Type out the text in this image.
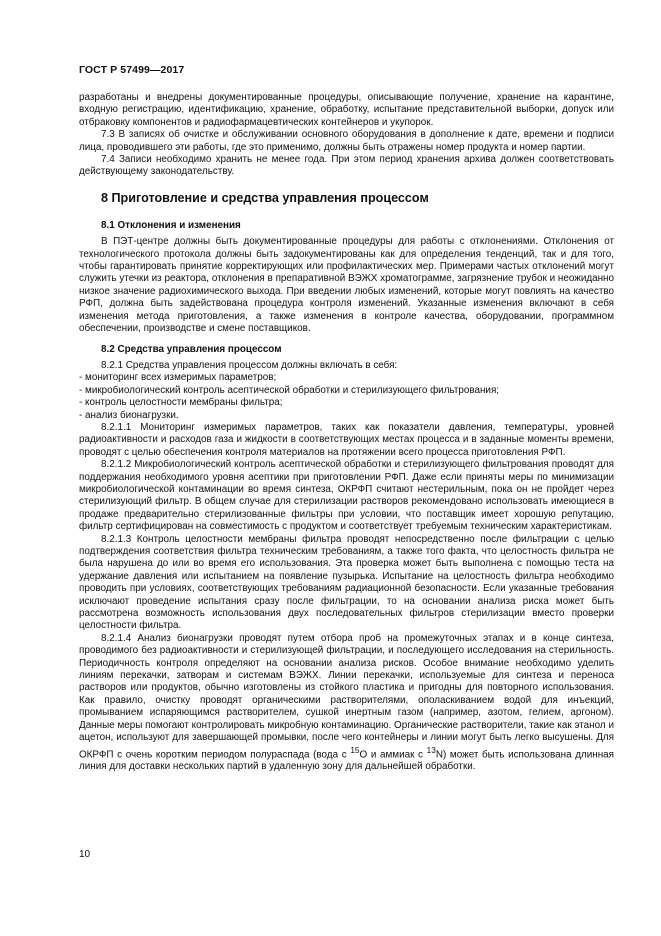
ГОСТ Р 57499—2017

разработаны и внедрены документированные процедуры, описывающие получение, хранение на карантине, входную регистрацию, идентификацию, хранение, обработку, испытание представительной выборки, допуск или отбраковку компонентов и радиофармацевтических контейнеров и укупорок.

7.3 В записях об очистке и обслуживании основного оборудования в дополнение к дате, времени и подписи лица, проводившего эти работы, где это применимо, должны быть отражены номер продукта и номер партии.

7.4 Записи необходимо хранить не менее года. При этом период хранения архива должен соответствовать действующему законодательству.

8 Приготовление и средства управления процессом

8.1 Отклонения и изменения

В ПЭТ-центре должны быть документированные процедуры для работы с отклонениями. Отклонения от технологического протокола должны быть задокументированы как для определения тенденций, так и для того, чтобы гарантировать принятие корректирующих или профилактических мер. Примерами частых отклонений могут служить утечки из реактора, отклонения в препаративной ВЭЖХ хроматограмме, загрязнение трубок и неожиданно низкое значение радиохимического выхода. При введении любых изменений, которые могут повлиять на качество РФП, должна быть задействована процедура контроля изменений. Указанные изменения включают в себя изменения метода приготовления, а также изменения в контроле качества, оборудовании, программном обеспечении, производстве и смене поставщиков.

8.2 Средства управления процессом

8.2.1 Средства управления процессом должны включать в себя:

- мониторинг всех измеримых параметров;
- микробиологический контроль асептической обработки и стерилизующего фильтрования;
- контроль целостности мембраны фильтра;
- анализ бионагрузки.

8.2.1.1 Мониторинг измеримых параметров, таких как показатели давления, температуры, уровней радиоактивности и расходов газа и жидкости в соответствующих местах процесса и в заданные моменты времени, проводят с целью обеспечения контроля материалов на протяжении всего процесса приготовления РФП.

8.2.1.2 Микробиологический контроль асептической обработки и стерилизующего фильтрования проводят для поддержания необходимого уровня асептики при приготовлении РФП. Даже если приняты меры по минимизации микробиологической контаминации во время синтеза, ОКРФП считают нестерильным, пока он не пройдет через стерилизующий фильтр. В общем случае для стерилизации растворов рекомендовано использовать имеющиеся в продаже предварительно стерилизованные фильтры при условии, что поставщик имеет хорошую репутацию, фильтр сертифицирован на совместимость с продуктом и соответствует требуемым техническим характеристикам.

8.2.1.3 Контроль целостности мембраны фильтра проводят непосредственно после фильтрации с целью подтверждения соответствия фильтра техническим требованиям, а также того факта, что целостность фильтра не была нарушена до или во время его использования. Эта проверка может быть выполнена с помощью теста на удержание давления или испытанием на появление пузырька. Испытание на целостность фильтра необходимо проводить при условиях, соответствующих требованиям радиационной безопасности. Если указанные требования исключают проведение испытания сразу после фильтрации, то на основании анализа риска может быть рассмотрена возможность использования двух последовательных фильтров стерилизации вместо проверки целостности фильтра.

8.2.1.4 Анализ бионагрузки проводят путем отбора проб на промежуточных этапах и в конце синтеза, проводимого без радиоактивности и стерилизующей фильтрации, и последующего исследования на стерильность. Периодичность контроля определяют на основании анализа рисков. Особое внимание необходимо уделить линиям перекачки, затворам и системам ВЭЖХ. Линии перекачки, используемые для синтеза и переноса растворов или продуктов, обычно изготовлены из стойкого пластика и пригодны для повторного использования. Как правило, очистку проводят органическими растворителями, ополаскиванием водой для инъекций, промыванием испаряющимся растворителем, сушкой инертным газом (например, азотом, гелием, аргоном). Данные меры помогают контролировать микробную контаминацию. Органические растворители, такие как этанол и ацетон, используют для завершающей промывки, после чего контейнеры и линии могут быть легко высушены. Для ОКРФП с очень коротким периодом полураспада (вода с $^{15}$О и аммиак с $^{13}$N) может быть использована длинная линия для доставки нескольких партий в удаленную зону для дальнейшей обработки.

10
